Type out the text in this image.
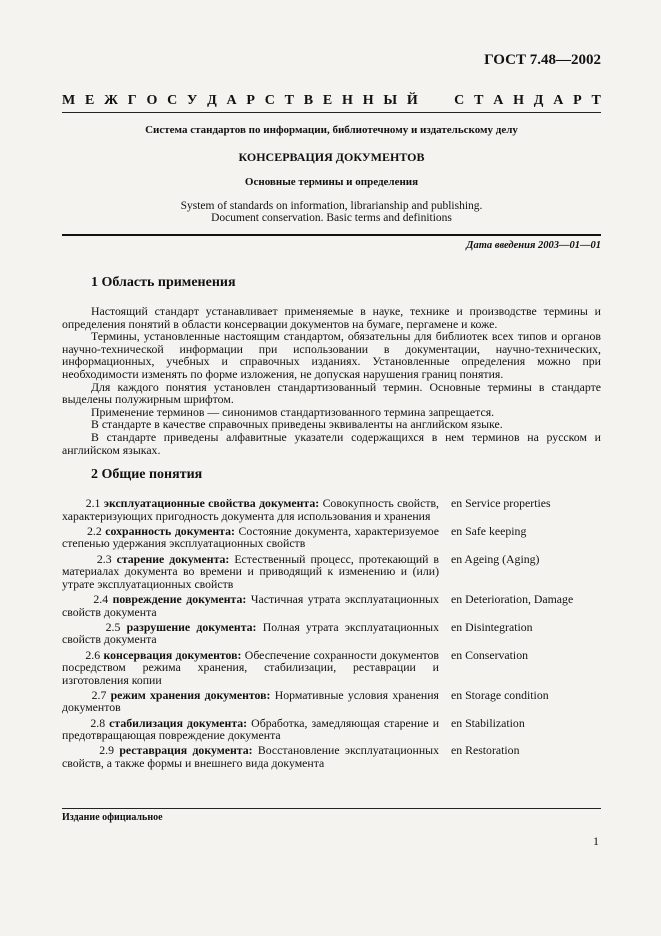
ГОСТ 7.48—2002
М Е Ж Г О С У Д А Р С Т В Е Н Н Ы Й

	С Т А Н Д А Р Т
Система стандартов по информации, библиотечному и издательскому делу
КОНСЕРВАЦИЯ ДОКУМЕНТОВ
Основные термины и определения
System of standards on information, librarianship and publishing.
Document conservation. Basic terms and definitions
Дата введения 2003—01—01
1 Область применения

Настоящий стандарт устанавливает применяемые в науке, технике и производстве термины и определения понятий в области консервации документов на бумаге, пергамене и коже.

Термины, установленные настоящим стандартом, обязательны для библиотек всех типов и органов научно-технической информации при использовании в документации, научно-технических, информационных, учебных и справочных изданиях. Установленные определения можно при необходимости изменять по форме изложения, не допуская нарушения границ понятия.

Для каждого понятия установлен стандартизованный термин. Основные термины в стандарте выделены полужирным шрифтом.

Применение терминов — синонимов стандартизованного термина запрещается.

В стандарте в качестве справочных приведены эквиваленты на английском языке.

В стандарте приведены алфавитные указатели содержащихся в нем терминов на русском и английском языках.

2 Общие понятия
2.1 эксплуатационные свойства документа: Совокупность свойств, характеризующих пригодность документа для использования и хранения
en Service properties
2.2 сохранность документа: Состояние документа, характеризуемое степенью удержания эксплуатационных свойств
en Safe keeping
2.3 старение документа: Естественный процесс, протекающий в материалах документа во времени и приводящий к изменению и (или) утрате эксплуатационных свойств
en Ageing (Aging)
2.4 повреждение документа: Частичная утрата эксплуатационных свойств документа
en Deterioration, Damage
2.5 разрушение документа: Полная утрата эксплуатационных свойств документа
en Disintegration
2.6 консервация документов: Обеспечение сохранности документов посредством режима хранения, стабилизации, реставрации и изготовления копии
en Conservation
2.7 режим хранения документов: Нормативные условия хранения документов
en Storage condition
2.8 стабилизация документа: Обработка, замедляющая старение и предотвращающая повреждение документа
en Stabilization
2.9 реставрация документа: Восстановление эксплуатационных свойств, а также формы и внешнего вида документа
en Restoration
Издание официальное
1
